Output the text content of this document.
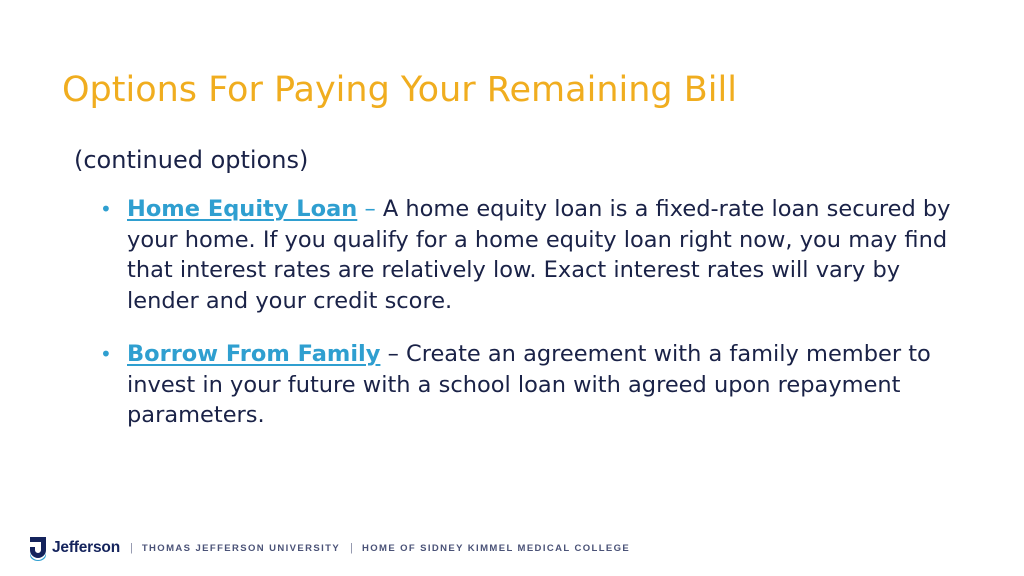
Options For Paying Your Remaining Bill
(continued options)
• Home Equity Loan – A home equity loan is a fixed-rate loan secured by your home. If you qualify for a home equity loan right now, you may find that interest rates are relatively low. Exact interest rates will vary by lender and your credit score.
• Borrow From Family – Create an agreement with a family member to invest in your future with a school loan with agreed upon repayment parameters.
Jefferson | THOMAS JEFFERSON UNIVERSITY | HOME OF SIDNEY KIMMEL MEDICAL COLLEGE
